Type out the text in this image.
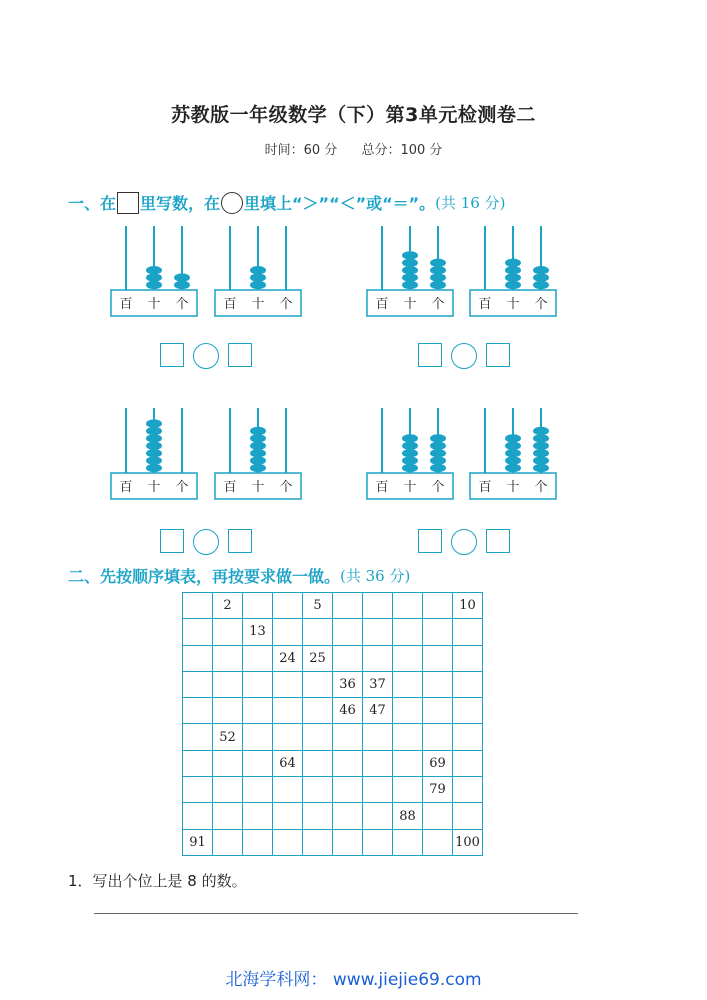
苏教版一年级数学（下）第3单元检测卷二
时间：60 分 总分：100 分
一、在 里写数，在 里填上“＞”“＜”或“＝”。 (共 16 分)
百 十 个	百 十 个	百 十 个	百 十 个
百 十 个	百 十 个	百 十 个	百 十 个
二、先按顺序填表，再按要求做一做。 (共 36 分)
	2			5					10
		13							
			24	25					
					36	37			
					46	47			
	52								
			64					69	
								79	
							88		
91									100
1．写出个位上是 8 的数。
北海学科网： www.jiejie69.com
